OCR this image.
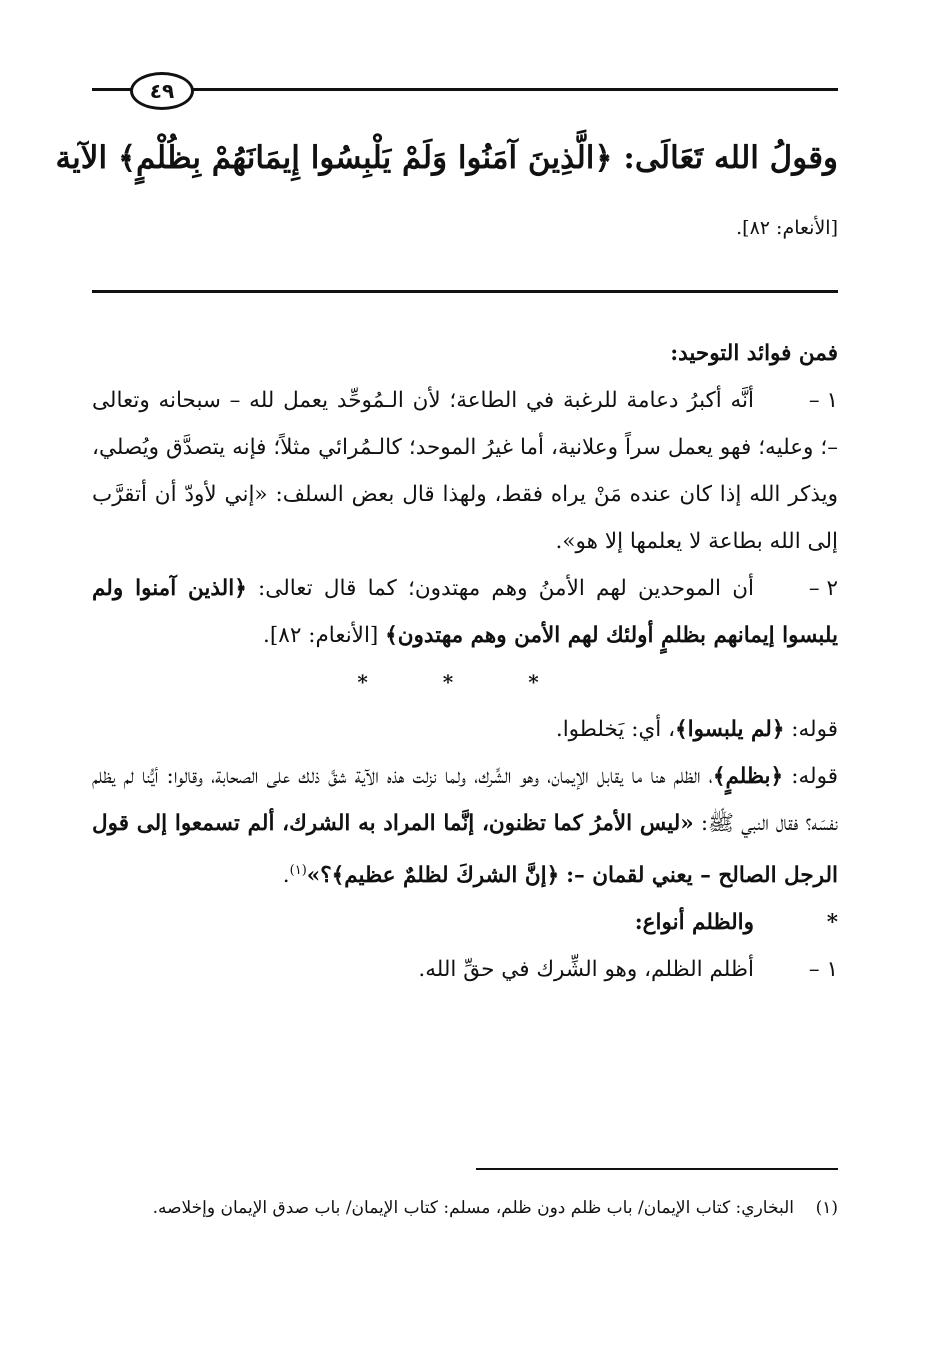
٤٩
وقولُ الله تَعَالَى: ﴿الَّذِينَ آمَنُوا وَلَمْ يَلْبِسُوا إِيمَانَهُمْ بِظُلْمٍ﴾ الآية
[الأنعام: ٨٢].

فمن فوائد التوحيد:

١ –أنَّه أكبرُ دعامة للرغبة في الطاعة؛ لأن الـمُوحِّد يعمل لله – سبحانه وتعالى –؛ وعليه؛ فهو يعمل سراً وعلانية، أما غيرُ الموحد؛ كالـمُرائي مثلاً؛ فإنه يتصدَّق ويُصلي، ويذكر الله إذا كان عنده مَنْ يراه فقط، ولهذا قال بعض السلف: «إني لأودّ أن أتقرَّب إلى الله بطاعة لا يعلمها إلا هو».

٢ –أن الموحدين لهم الأمنُ وهم مهتدون؛ كما قال تعالى: ﴿الذين آمنوا ولم يلبسوا إيمانهم بظلمٍ أولئك لهم الأمن وهم مهتدون﴾ [الأنعام: ٨٢].

* * *

قوله: ﴿لم يلبسوا﴾، أي: يَخلطوا.

قوله: ﴿بظلمٍ﴾، الظلم هنا ما يقابل الإيمان، وهو الشِّرك، ولما نزلت هذه الآية شقَّ ذلك على الصحابة، وقالوا: أيُّنا لم يظلم نفسَه؟ فقال النبي ﷺ: «ليس الأمرُ كما تظنون، إنَّما المراد به الشرك، ألم تسمعوا إلى قول الرجل الصالح – يعني لقمان –: ﴿إنَّ الشركَ لظلمٌ عظيم﴾؟»$^{(١)}$.

*والظلم أنواع:

١ –أظلم الظلم، وهو الشِّرك في حقِّ الله.

(١)البخاري: كتاب الإيمان/ باب ظلم دون ظلم، مسلم: كتاب الإيمان/ باب صدق الإيمان وإخلاصه.
